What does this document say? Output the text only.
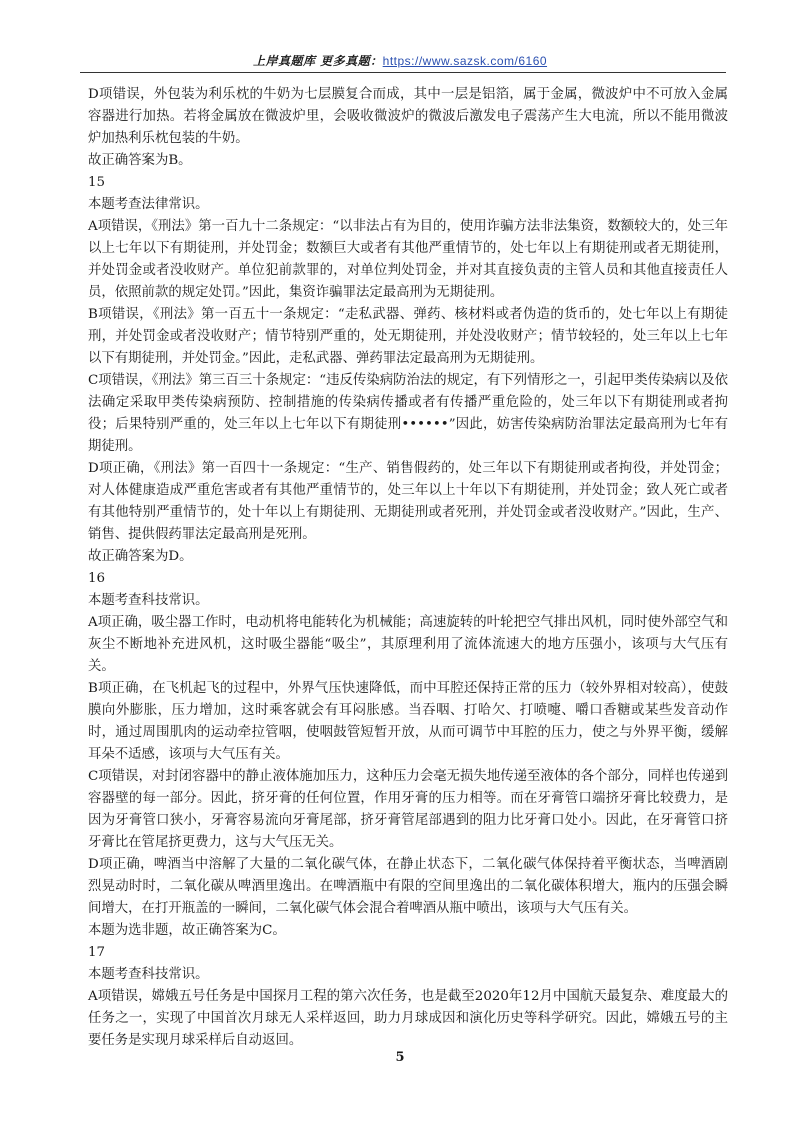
上岸真题库 更多真题：https://www.sazsk.com/6160

D项错误，外包装为利乐枕的牛奶为七层膜复合而成，其中一层是铝箔，属于金属，微波炉中不可放入金属容器进行加热。若将金属放在微波炉里，会吸收微波炉的微波后激发电子震荡产生大电流，所以不能用微波炉加热利乐枕包装的牛奶。

故正确答案为B。

15

本题考查法律常识。

A项错误，《刑法》第一百九十二条规定：“以非法占有为目的，使用诈骗方法非法集资，数额较大的，处三年以上七年以下有期徒刑，并处罚金；数额巨大或者有其他严重情节的，处七年以上有期徒刑或者无期徒刑，并处罚金或者没收财产。单位犯前款罪的，对单位判处罚金，并对其直接负责的主管人员和其他直接责任人员，依照前款的规定处罚。”因此，集资诈骗罪法定最高刑为无期徒刑。

B项错误，《刑法》第一百五十一条规定：“走私武器、弹药、核材料或者伪造的货币的，处七年以上有期徒刑，并处罚金或者没收财产；情节特别严重的，处无期徒刑，并处没收财产；情节较轻的，处三年以上七年以下有期徒刑，并处罚金。”因此，走私武器、弹药罪法定最高刑为无期徒刑。

C项错误，《刑法》第三百三十条规定：“违反传染病防治法的规定，有下列情形之一，引起甲类传染病以及依法确定采取甲类传染病预防、控制措施的传染病传播或者有传播严重危险的，处三年以下有期徒刑或者拘役；后果特别严重的，处三年以上七年以下有期徒刑••••••”因此，妨害传染病防治罪法定最高刑为七年有期徒刑。

D项正确，《刑法》第一百四十一条规定：“生产、销售假药的，处三年以下有期徒刑或者拘役，并处罚金；对人体健康造成严重危害或者有其他严重情节的，处三年以上十年以下有期徒刑，并处罚金；致人死亡或者有其他特别严重情节的，处十年以上有期徒刑、无期徒刑或者死刑，并处罚金或者没收财产。”因此，生产、销售、提供假药罪法定最高刑是死刑。

故正确答案为D。

16

本题考查科技常识。

A项正确，吸尘器工作时，电动机将电能转化为机械能；高速旋转的叶轮把空气排出风机，同时使外部空气和灰尘不断地补充进风机，这时吸尘器能“吸尘”，其原理利用了流体流速大的地方压强小，该项与大气压有关。

B项正确，在飞机起飞的过程中，外界气压快速降低，而中耳腔还保持正常的压力（较外界相对较高），使鼓膜向外膨胀，压力增加，这时乘客就会有耳闷胀感。当吞咽、打哈欠、打喷嚏、嚼口香糖或某些发音动作时，通过周围肌肉的运动牵拉管咽，使咽鼓管短暂开放，从而可调节中耳腔的压力，使之与外界平衡，缓解耳朵不适感，该项与大气压有关。

C项错误，对封闭容器中的静止液体施加压力，这种压力会毫无损失地传递至液体的各个部分，同样也传递到容器壁的每一部分。因此，挤牙膏的任何位置，作用牙膏的压力相等。而在牙膏管口端挤牙膏比较费力，是因为牙膏管口狭小，牙膏容易流向牙膏尾部，挤牙膏管尾部遇到的阻力比牙膏口处小。因此，在牙膏管口挤牙膏比在管尾挤更费力，这与大气压无关。

D项正确，啤酒当中溶解了大量的二氧化碳气体，在静止状态下，二氧化碳气体保持着平衡状态，当啤酒剧烈晃动时时，二氧化碳从啤酒里逸出。在啤酒瓶中有限的空间里逸出的二氧化碳体积增大，瓶内的压强会瞬间增大，在打开瓶盖的一瞬间，二氧化碳气体会混合着啤酒从瓶中喷出，该项与大气压有关。

本题为选非题，故正确答案为C。

17

本题考查科技常识。

A项错误，嫦娥五号任务是中国探月工程的第六次任务，也是截至2020年12月中国航天最复杂、难度最大的任务之一，实现了中国首次月球无人采样返回，助力月球成因和演化历史等科学研究。因此，嫦娥五号的主要任务是实现月球采样后自动返回。

5
